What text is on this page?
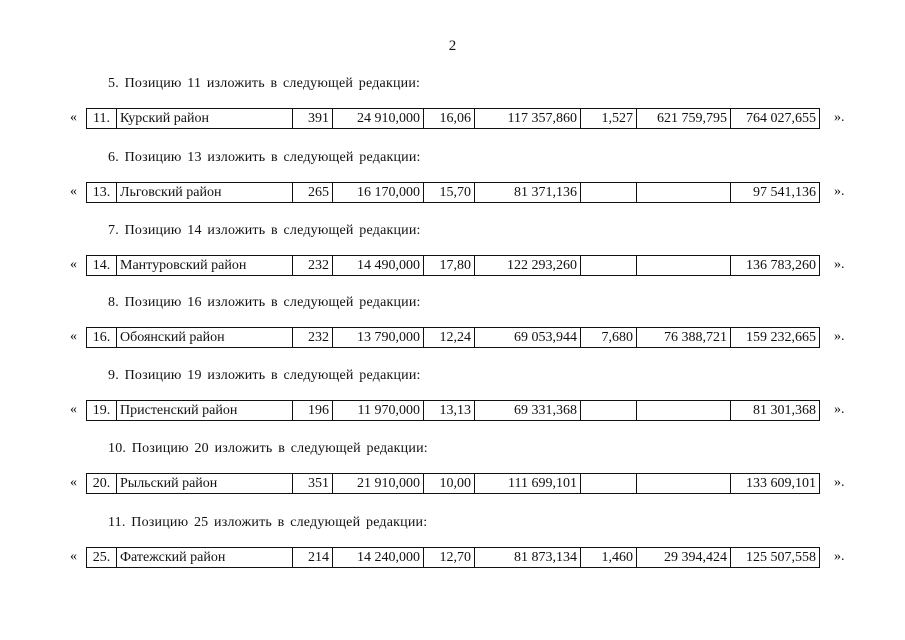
2
5. Позицию 11 изложить в следующей редакции:
« 11.	Курский район	391	24 910,000	16,06	117 357,860	1,527	621 759,795	764 027,655 ».
6. Позицию 13 изложить в следующей редакции:
« 13.	Льговский район	265	16 170,000	15,70	81 371,136			97 541,136 ».
7. Позицию 14 изложить в следующей редакции:
« 14.	Мантуровский район	232	14 490,000	17,80	122 293,260			136 783,260 ».
8. Позицию 16 изложить в следующей редакции:
« 16.	Обоянский район	232	13 790,000	12,24	69 053,944	7,680	76 388,721	159 232,665 ».
9. Позицию 19 изложить в следующей редакции:
« 19.	Пристенский район	196	11 970,000	13,13	69 331,368			81 301,368 ».
10. Позицию 20 изложить в следующей редакции:
« 20.	Рыльский район	351	21 910,000	10,00	111 699,101			133 609,101 ».
11. Позицию 25 изложить в следующей редакции:
« 25.	Фатежский район	214	14 240,000	12,70	81 873,134	1,460	29 394,424	125 507,558 ».
